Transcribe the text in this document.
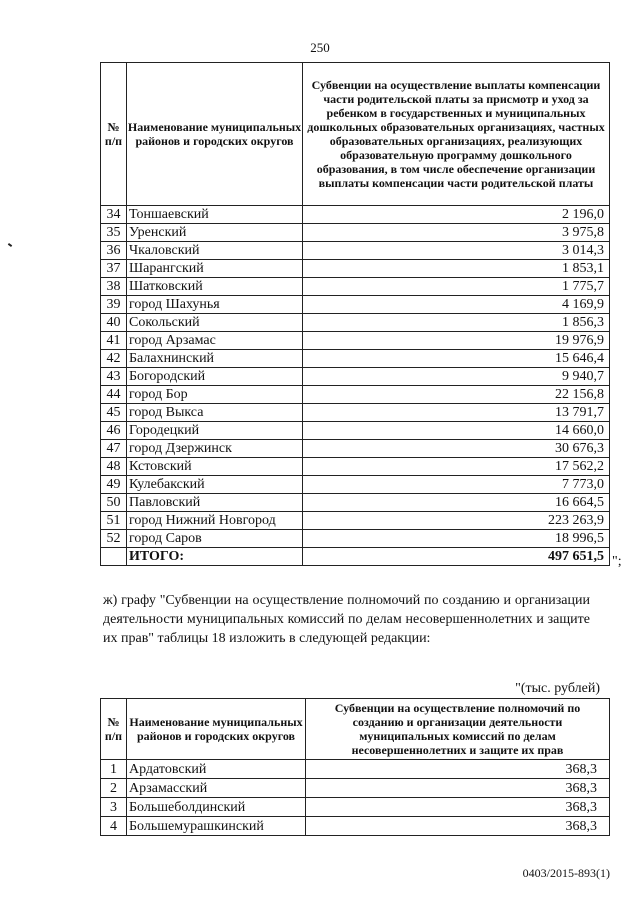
250
№ п/п	Наименование муниципальных районов и городских округов	Субвенции на осуществление выплаты компенсации части родительской платы за присмотр и уход за ребенком в государственных и муниципальных дошкольных образовательных организациях, частных образовательных организациях, реализующих образовательную программу дошкольного образования, в том числе обеспечение организации выплаты компенсации части родительской платы
34	Тоншаевский	2 196,0
35	Уренский	3 975,8
36	Чкаловский	3 014,3
37	Шарангский	1 853,1
38	Шатковский	1 775,7
39	город Шахунья	4 169,9
40	Сокольский	1 856,3
41	город Арзамас	19 976,9
42	Балахнинский	15 646,4
43	Богородский	9 940,7
44	город Бор	22 156,8
45	город Выкса	13 791,7
46	Городецкий	14 660,0
47	город Дзержинск	30 676,3
48	Кстовский	17 562,2
49	Кулебакский	7 773,0
50	Павловский	16 664,5
51	город Нижний Новгород	223 263,9
52	город Саров	18 996,5
	ИТОГО:	497 651,5 ";
ж) графу "Субвенции на осуществление полномочий по созданию и организации деятельности муниципальных комиссий по делам несовершеннолетних и защите их прав" таблицы 18 изложить в следующей редакции:
"(тыс. рублей)
№ п/п	Наименование муниципальных районов и городских округов	Субвенции на осуществление полномочий по созданию и организации деятельности муниципальных комиссий по делам несовершеннолетних и защите их прав
1	Ардатовский	368,3
2	Арзамасский	368,3
3	Большеболдинский	368,3
4	Большемурашкинский	368,3
0403/2015-893(1)
